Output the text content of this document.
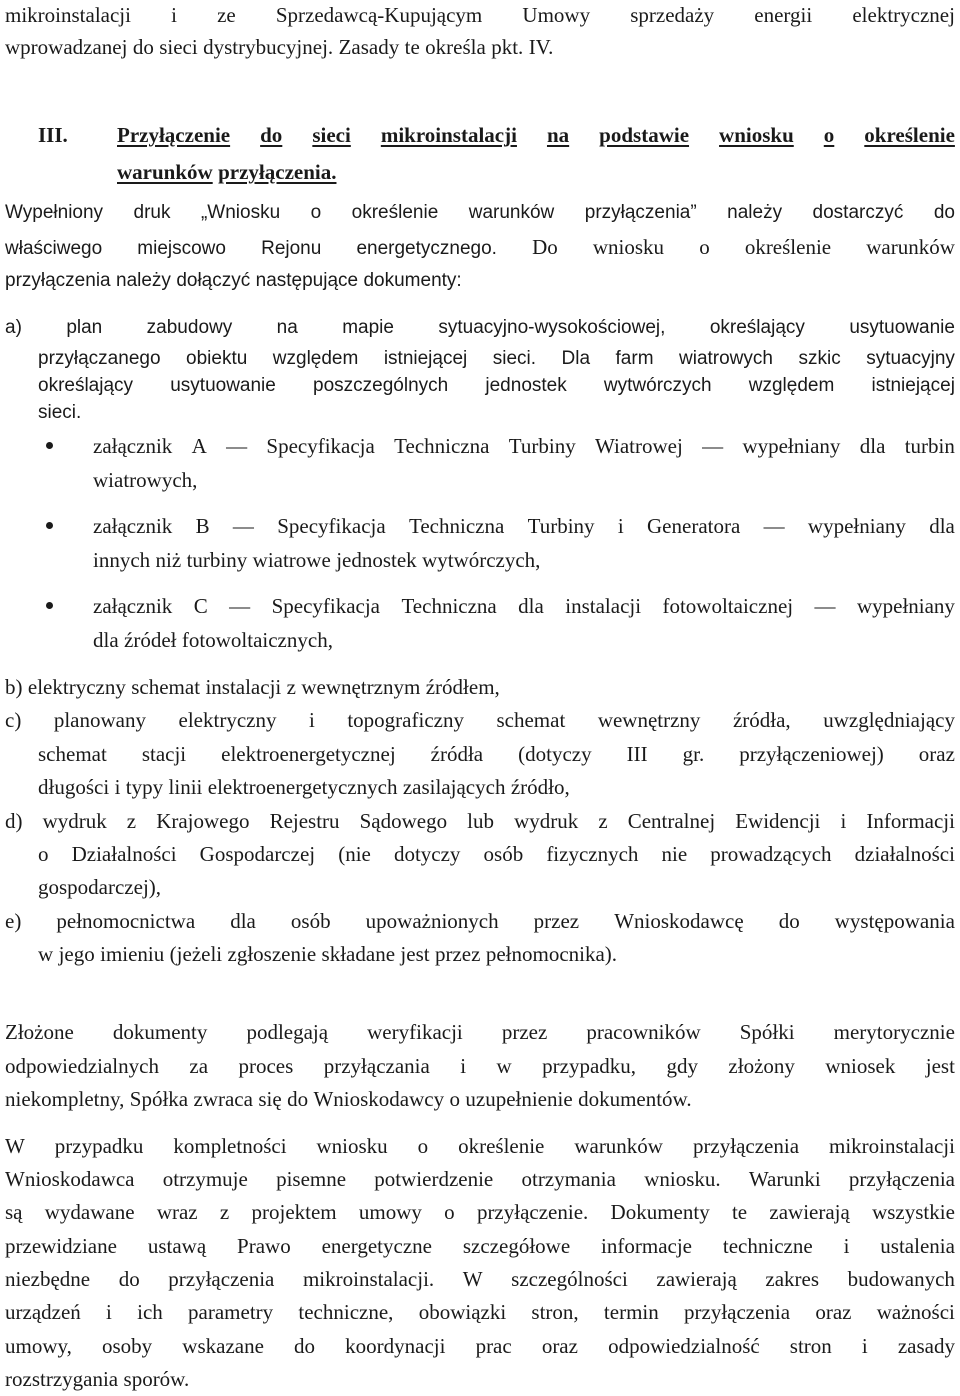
mikroinstalacji i ze Sprzedawcą-Kupującym Umowy sprzedaży energii elektrycznej
wprowadzanej do sieci dystrybucyjnej. Zasady te określa pkt. IV.
III. Przyłączenie do sieci mikroinstalacji na podstawie wniosku o określenie
warunków przyłączenia.
Wypełniony druk „Wniosku o określenie warunków przyłączenia” należy dostarczyć do
właściwego miejscowo Rejonu energetycznego. Do wniosku o określenie warunków
przyłączenia należy dołączyć następujące dokumenty:
a) plan zabudowy na mapie sytuacyjno-wysokościowej, określający usytuowanie
przyłączanego obiektu względem istniejącej sieci. Dla farm wiatrowych szkic sytuacyjny
określający usytuowanie poszczególnych jednostek wytwórczych względem istniejącej
sieci.
załącznik A ― Specyfikacja Techniczna Turbiny Wiatrowej ― wypełniany dla turbin
wiatrowych,
załącznik B ― Specyfikacja Techniczna Turbiny i Generatora ― wypełniany dla
innych niż turbiny wiatrowe jednostek wytwórczych,
załącznik C ― Specyfikacja Techniczna dla instalacji fotowoltaicznej ― wypełniany
dla źródeł fotowoltaicznych,
b) elektryczny schemat instalacji z wewnętrznym źródłem,
c) planowany elektryczny i topograficzny schemat wewnętrzny źródła, uwzględniający
schemat stacji elektroenergetycznej źródła (dotyczy III gr. przyłączeniowej) oraz
długości i typy linii elektroenergetycznych zasilających źródło,
d) wydruk z Krajowego Rejestru Sądowego lub wydruk z Centralnej Ewidencji i Informacji
o Działalności Gospodarczej (nie dotyczy osób fizycznych nie prowadzących działalności
gospodarczej),
e) pełnomocnictwa dla osób upoważnionych przez Wnioskodawcę do występowania
w jego imieniu (jeżeli zgłoszenie składane jest przez pełnomocnika).
Złożone dokumenty podlegają weryfikacji przez pracowników Spółki merytorycznie
odpowiedzialnych za proces przyłączania i w przypadku, gdy złożony wniosek jest
niekompletny, Spółka zwraca się do Wnioskodawcy o uzupełnienie dokumentów.
W przypadku kompletności wniosku o określenie warunków przyłączenia mikroinstalacji
Wnioskodawca otrzymuje pisemne potwierdzenie otrzymania wniosku. Warunki przyłączenia
są wydawane wraz z projektem umowy o przyłączenie. Dokumenty te zawierają wszystkie
przewidziane ustawą Prawo energetyczne szczegółowe informacje techniczne i ustalenia
niezbędne do przyłączenia mikroinstalacji. W szczególności zawierają zakres budowanych
urządzeń i ich parametry techniczne, obowiązki stron, termin przyłączenia oraz ważności
umowy, osoby wskazane do koordynacji prac oraz odpowiedzialność stron i zasady
rozstrzygania sporów.
